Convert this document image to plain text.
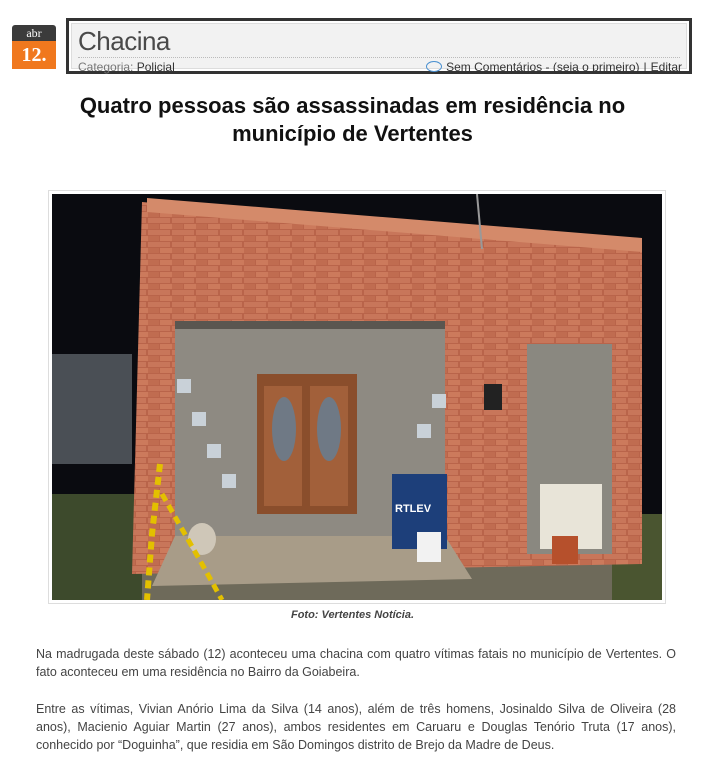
abr
12.	Chacina
Categoria: Policial	Sem Comentários - (seja o primeiro) | Editar
Quatro pessoas são assassinadas em residência no
município de Vertentes
RTLEV
Foto: Vertentes Notícia.

Na madrugada deste sábado (12) aconteceu uma chacina com quatro vítimas fatais no município de Vertentes. O fato aconteceu em uma residência no Bairro da Goiabeira.

Entre as vítimas, Vivian Anório Lima da Silva (14 anos), além de três homens, Josinaldo Silva de Oliveira (28 anos), Macienio Aguiar Martin (27 anos), ambos residentes em Caruaru e Douglas Tenório Truta (17 anos), conhecido por “Doguinha”, que residia em São Domingos distrito de Brejo da Madre de Deus.
